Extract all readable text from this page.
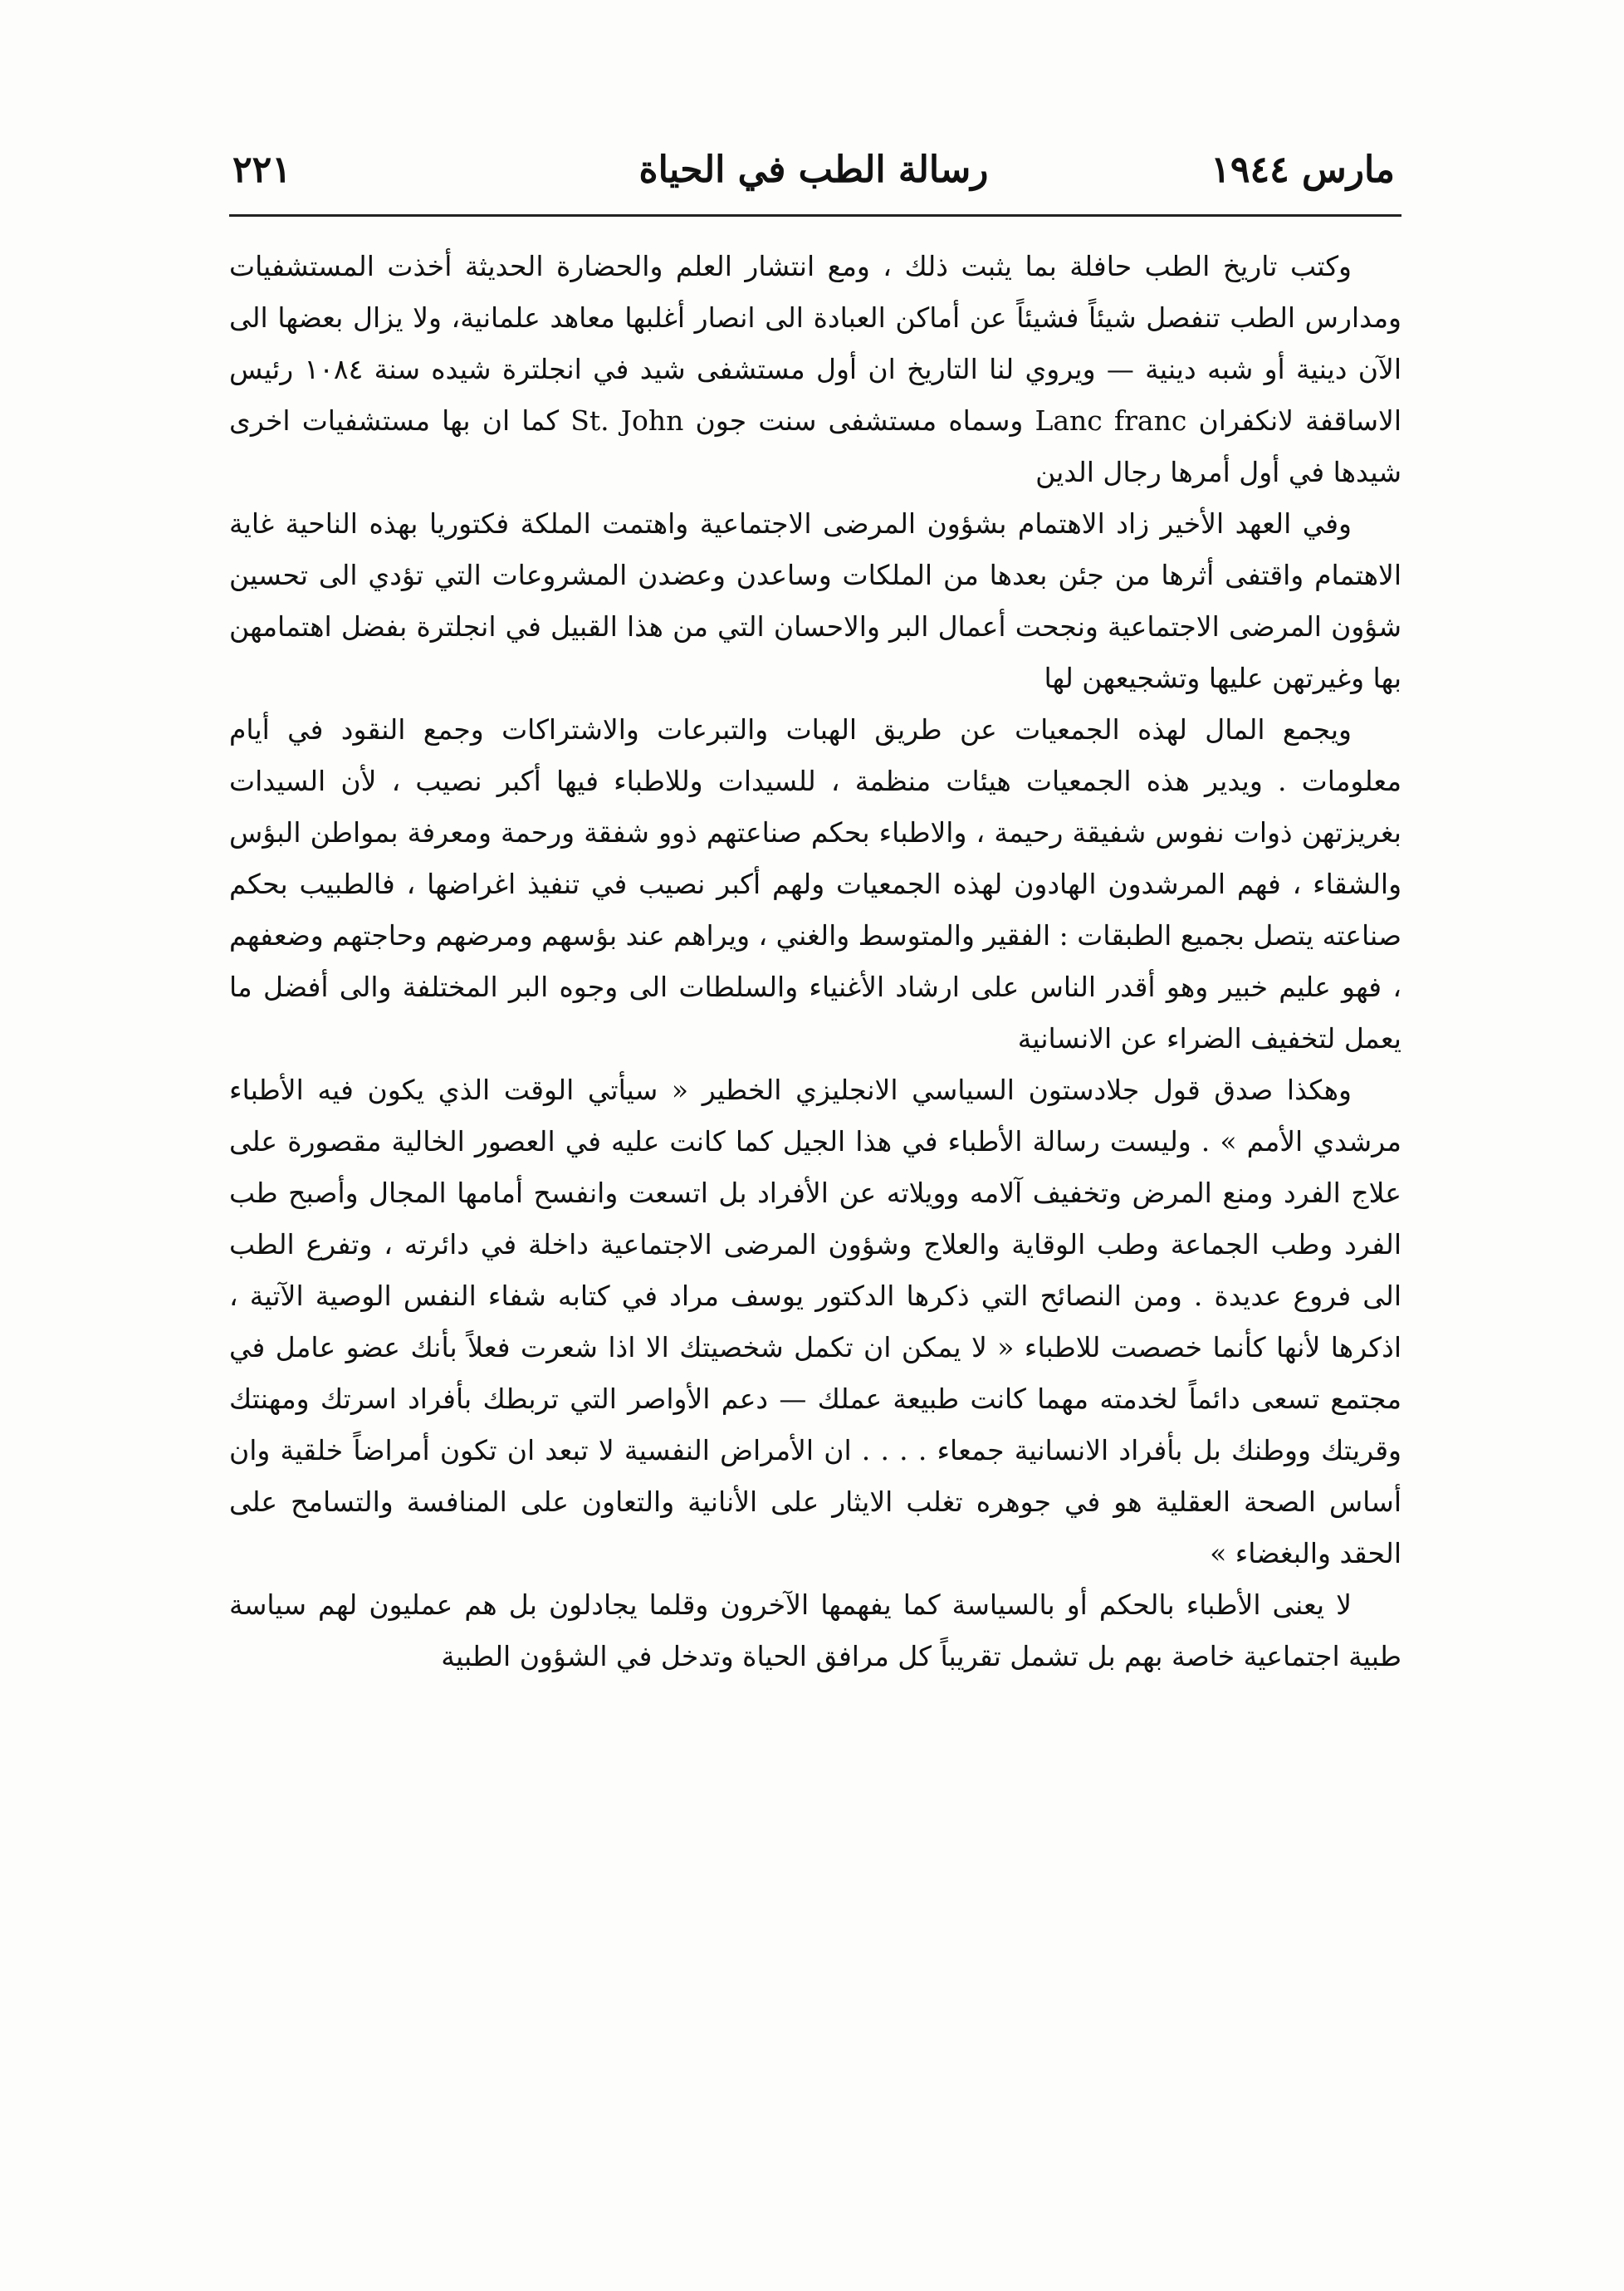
مارس ١٩٤٤
رسالة الطب في الحياة
٢٢١

وكتب تاريخ الطب حافلة بما يثبت ذلك ، ومع انتشار العلم والحضارة الحديثة أخذت المستشفيات ومدارس الطب تنفصل شيئاً فشيئاً عن أماكن العبادة الى انصار أغلبها معاهد علمانية، ولا يزال بعضها الى الآن دينية أو شبه دينية — ويروي لنا التاريخ ان أول مستشفى شيد في انجلترة شيده سنة ١٠٨٤ رئيس الاساقفة لانكفران Lanc franc وسماه مستشفى سنت جون St. John كما ان بها مستشفيات اخرى شيدها في أول أمرها رجال الدين

وفي العهد الأخير زاد الاهتمام بشؤون المرضى الاجتماعية واهتمت الملكة فكتوريا بهذه الناحية غاية الاهتمام واقتفى أثرها من جئن بعدها من الملكات وساعدن وعضدن المشروعات التي تؤدي الى تحسين شؤون المرضى الاجتماعية ونجحت أعمال البر والاحسان التي من هذا القبيل في انجلترة بفضل اهتمامهن بها وغيرتهن عليها وتشجيعهن لها

ويجمع المال لهذه الجمعيات عن طريق الهبات والتبرعات والاشتراكات وجمع النقود في أيام معلومات . ويدير هذه الجمعيات هيئات منظمة ، للسيدات وللاطباء فيها أكبر نصيب ، لأن السيدات بغريزتهن ذوات نفوس شفيقة رحيمة ، والاطباء بحكم صناعتهم ذوو شفقة ورحمة ومعرفة بمواطن البؤس والشقاء ، فهم المرشدون الهادون لهذه الجمعيات ولهم أكبر نصيب في تنفيذ اغراضها ، فالطبيب بحكم صناعته يتصل بجميع الطبقات : الفقير والمتوسط والغني ، ويراهم عند بؤسهم ومرضهم وحاجتهم وضعفهم ، فهو عليم خبير وهو أقدر الناس على ارشاد الأغنياء والسلطات الى وجوه البر المختلفة والى أفضل ما يعمل لتخفيف الضراء عن الانسانية

وهكذا صدق قول جلادستون السياسي الانجليزي الخطير « سيأتي الوقت الذي يكون فيه الأطباء مرشدي الأمم » . وليست رسالة الأطباء في هذا الجيل كما كانت عليه في العصور الخالية مقصورة على علاج الفرد ومنع المرض وتخفيف آلامه وويلاته عن الأفراد بل اتسعت وانفسح أمامها المجال وأصبح طب الفرد وطب الجماعة وطب الوقاية والعلاج وشؤون المرضى الاجتماعية داخلة في دائرته ، وتفرع الطب الى فروع عديدة . ومن النصائح التي ذكرها الدكتور يوسف مراد في كتابه شفاء النفس الوصية الآتية ، اذكرها لأنها كأنما خصصت للاطباء « لا يمكن ان تكمل شخصيتك الا اذا شعرت فعلاً بأنك عضو عامل في مجتمع تسعى دائماً لخدمته مهما كانت طبيعة عملك — دعم الأواصر التي تربطك بأفراد اسرتك ومهنتك وقريتك ووطنك بل بأفراد الانسانية جمعاء . . . . ان الأمراض النفسية لا تبعد ان تكون أمراضاً خلقية وان أساس الصحة العقلية هو في جوهره تغلب الايثار على الأنانية والتعاون على المنافسة والتسامح على الحقد والبغضاء »

لا يعنى الأطباء بالحكم أو بالسياسة كما يفهمها الآخرون وقلما يجادلون بل هم عمليون لهم سياسة طبية اجتماعية خاصة بهم بل تشمل تقريباً كل مرافق الحياة وتدخل في الشؤون الطبية
